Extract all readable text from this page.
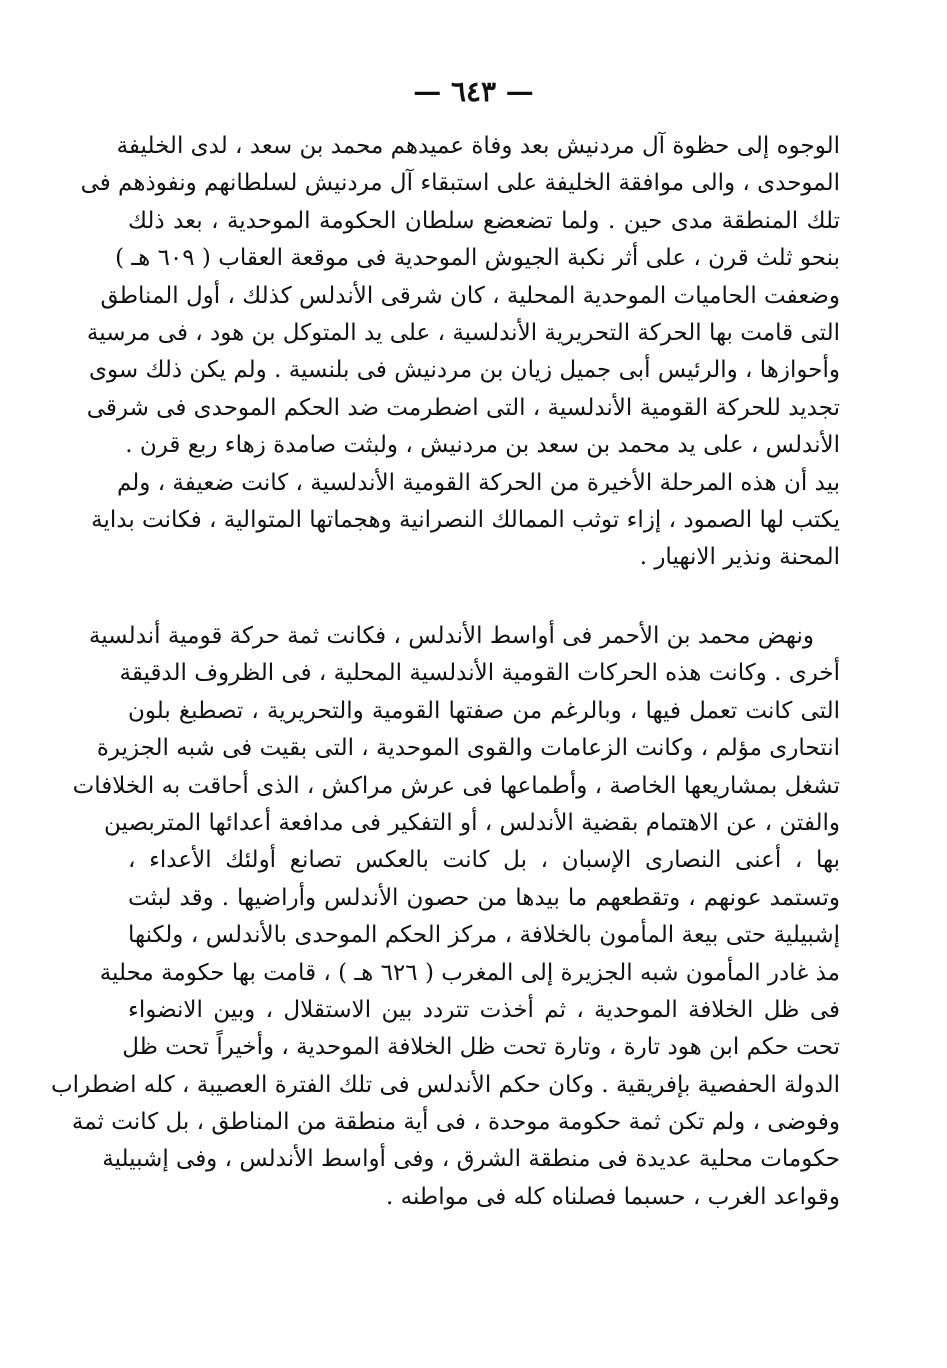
— ٦٤٣ —
الوجوه إلى حظوة آل مردنيش بعد وفاة عميدهم محمد بن سعد ، لدى الخليفة
الموحدى ، والى موافقة الخليفة على استبقاء آل مردنيش لسلطانهم ونفوذهم فى
تلك المنطقة مدى حين . ولما تضعضع سلطان الحكومة الموحدية ، بعد ذلك
بنحو ثلث قرن ، على أثر نكبة الجيوش الموحدية فى موقعة العقاب ( ٦٠٩ هـ )
وضعفت الحاميات الموحدية المحلية ، كان شرقى الأندلس كذلك ، أول المناطق
التى قامت بها الحركة التحريرية الأندلسية ، على يد المتوكل بن هود ، فى مرسية
وأحوازها ، والرئيس أبى جميل زيان بن مردنيش فى بلنسية . ولم يكن ذلك سوى
تجديد للحركة القومية الأندلسية ، التى اضطرمت ضد الحكم الموحدى فى شرقى
الأندلس ، على يد محمد بن سعد بن مردنيش ، ولبثت صامدة زهاء ربع قرن .
بيد أن هذه المرحلة الأخيرة من الحركة القومية الأندلسية ، كانت ضعيفة ، ولم
يكتب لها الصمود ، إزاء توثب الممالك النصرانية وهجماتها المتوالية ، فكانت بداية
المحنة ونذير الانهيار .
ونهض محمد بن الأحمر فى أواسط الأندلس ، فكانت ثمة حركة قومية أندلسية
أخرى . وكانت هذه الحركات القومية الأندلسية المحلية ، فى الظروف الدقيقة
التى كانت تعمل فيها ، وبالرغم من صفتها القومية والتحريرية ، تصطبغ بلون
انتحارى مؤلم ، وكانت الزعامات والقوى الموحدية ، التى بقيت فى شبه الجزيرة
تشغل بمشاريعها الخاصة ، وأطماعها فى عرش مراكش ، الذى أحاقت به الخلافات
والفتن ، عن الاهتمام بقضية الأندلس ، أو التفكير فى مدافعة أعدائها المتربصين
بها ، أعنى النصارى الإسبان ، بل كانت بالعكس تصانع أولئك الأعداء ،
وتستمد عونهم ، وتقطعهم ما بيدها من حصون الأندلس وأراضيها . وقد لبثت
إشبيلية حتى بيعة المأمون بالخلافة ، مركز الحكم الموحدى بالأندلس ، ولكنها
مذ غادر المأمون شبه الجزيرة إلى المغرب ( ٦٢٦ هـ ) ، قامت بها حكومة محلية
فى ظل الخلافة الموحدية ، ثم أخذت تتردد بين الاستقلال ، وبين الانضواء
تحت حكم ابن هود تارة ، وتارة تحت ظل الخلافة الموحدية ، وأخيراً تحت ظل
الدولة الحفصية بإفريقية . وكان حكم الأندلس فى تلك الفترة العصيبة ، كله اضطراب
وفوضى ، ولم تكن ثمة حكومة موحدة ، فى أية منطقة من المناطق ، بل كانت ثمة
حكومات محلية عديدة فى منطقة الشرق ، وفى أواسط الأندلس ، وفى إشبيلية
وقواعد الغرب ، حسبما فصلناه كله فى مواطنه .
